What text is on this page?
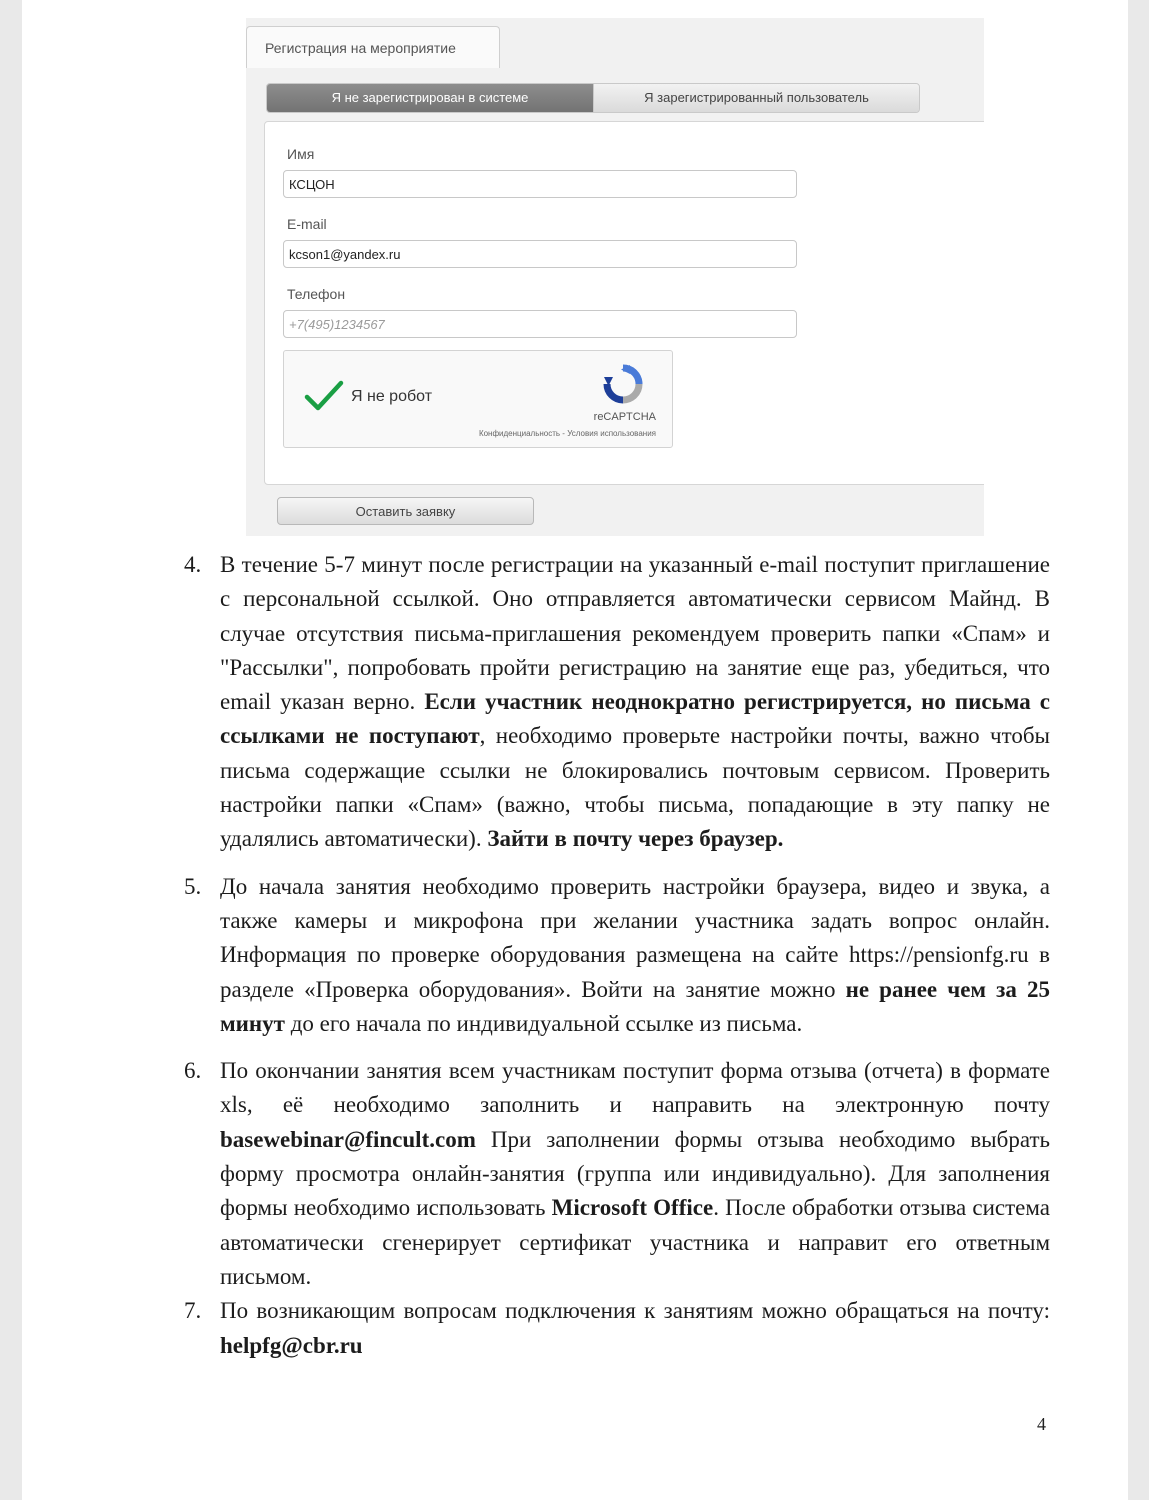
Регистрация на мероприятие
Я не зарегистрирован в системе	Я зарегистрированный пользователь
Имя
КСЦОН
E-mail
kcson1@yandex.ru
Телефон
+7(495)1234567
Я не робот
reCAPTCHA
Конфиденциальность - Условия использования
Оставить заявку
4. В течение 5-7 минут после регистрации на указанный e-mail поступит приглашение с персональной ссылкой. Оно отправляется автоматически сервисом Майнд. В случае отсутствия письма-приглашения рекомендуем проверить папки «Спам» и "Рассылки", попробовать пройти регистрацию на занятие еще раз, убедиться, что email указан верно. Если участник неоднократно регистрируется, но письма с ссылками не поступают, необходимо проверьте настройки почты, важно чтобы письма содержащие ссылки не блокировались почтовым сервисом. Проверить настройки папки «Спам» (важно, чтобы письма, попадающие в эту папку не удалялись автоматически). Зайти в почту через браузер.

5. До начала занятия необходимо проверить настройки браузера, видео и звука, а также камеры и микрофона при желании участника задать вопрос онлайн. Информация по проверке оборудования размещена на сайте https://pensionfg.ru в разделе «Проверка оборудования». Войти на занятие можно не ранее чем за 25 минут до его начала по индивидуальной ссылке из письма.

6. По окончании занятия всем участникам поступит форма отзыва (отчета) в формате xls, её необходимо заполнить и направить на электронную почту basewebinar@fincult.com При заполнении формы отзыва необходимо выбрать форму просмотра онлайн-занятия (группа или индивидуально). Для заполнения формы необходимо использовать Microsoft Office. После обработки отзыва система автоматически сгенерирует сертификат участника и направит его ответным письмом.

7. По возникающим вопросам подключения к занятиям можно обращаться на почту: helpfg@cbr.ru

4
